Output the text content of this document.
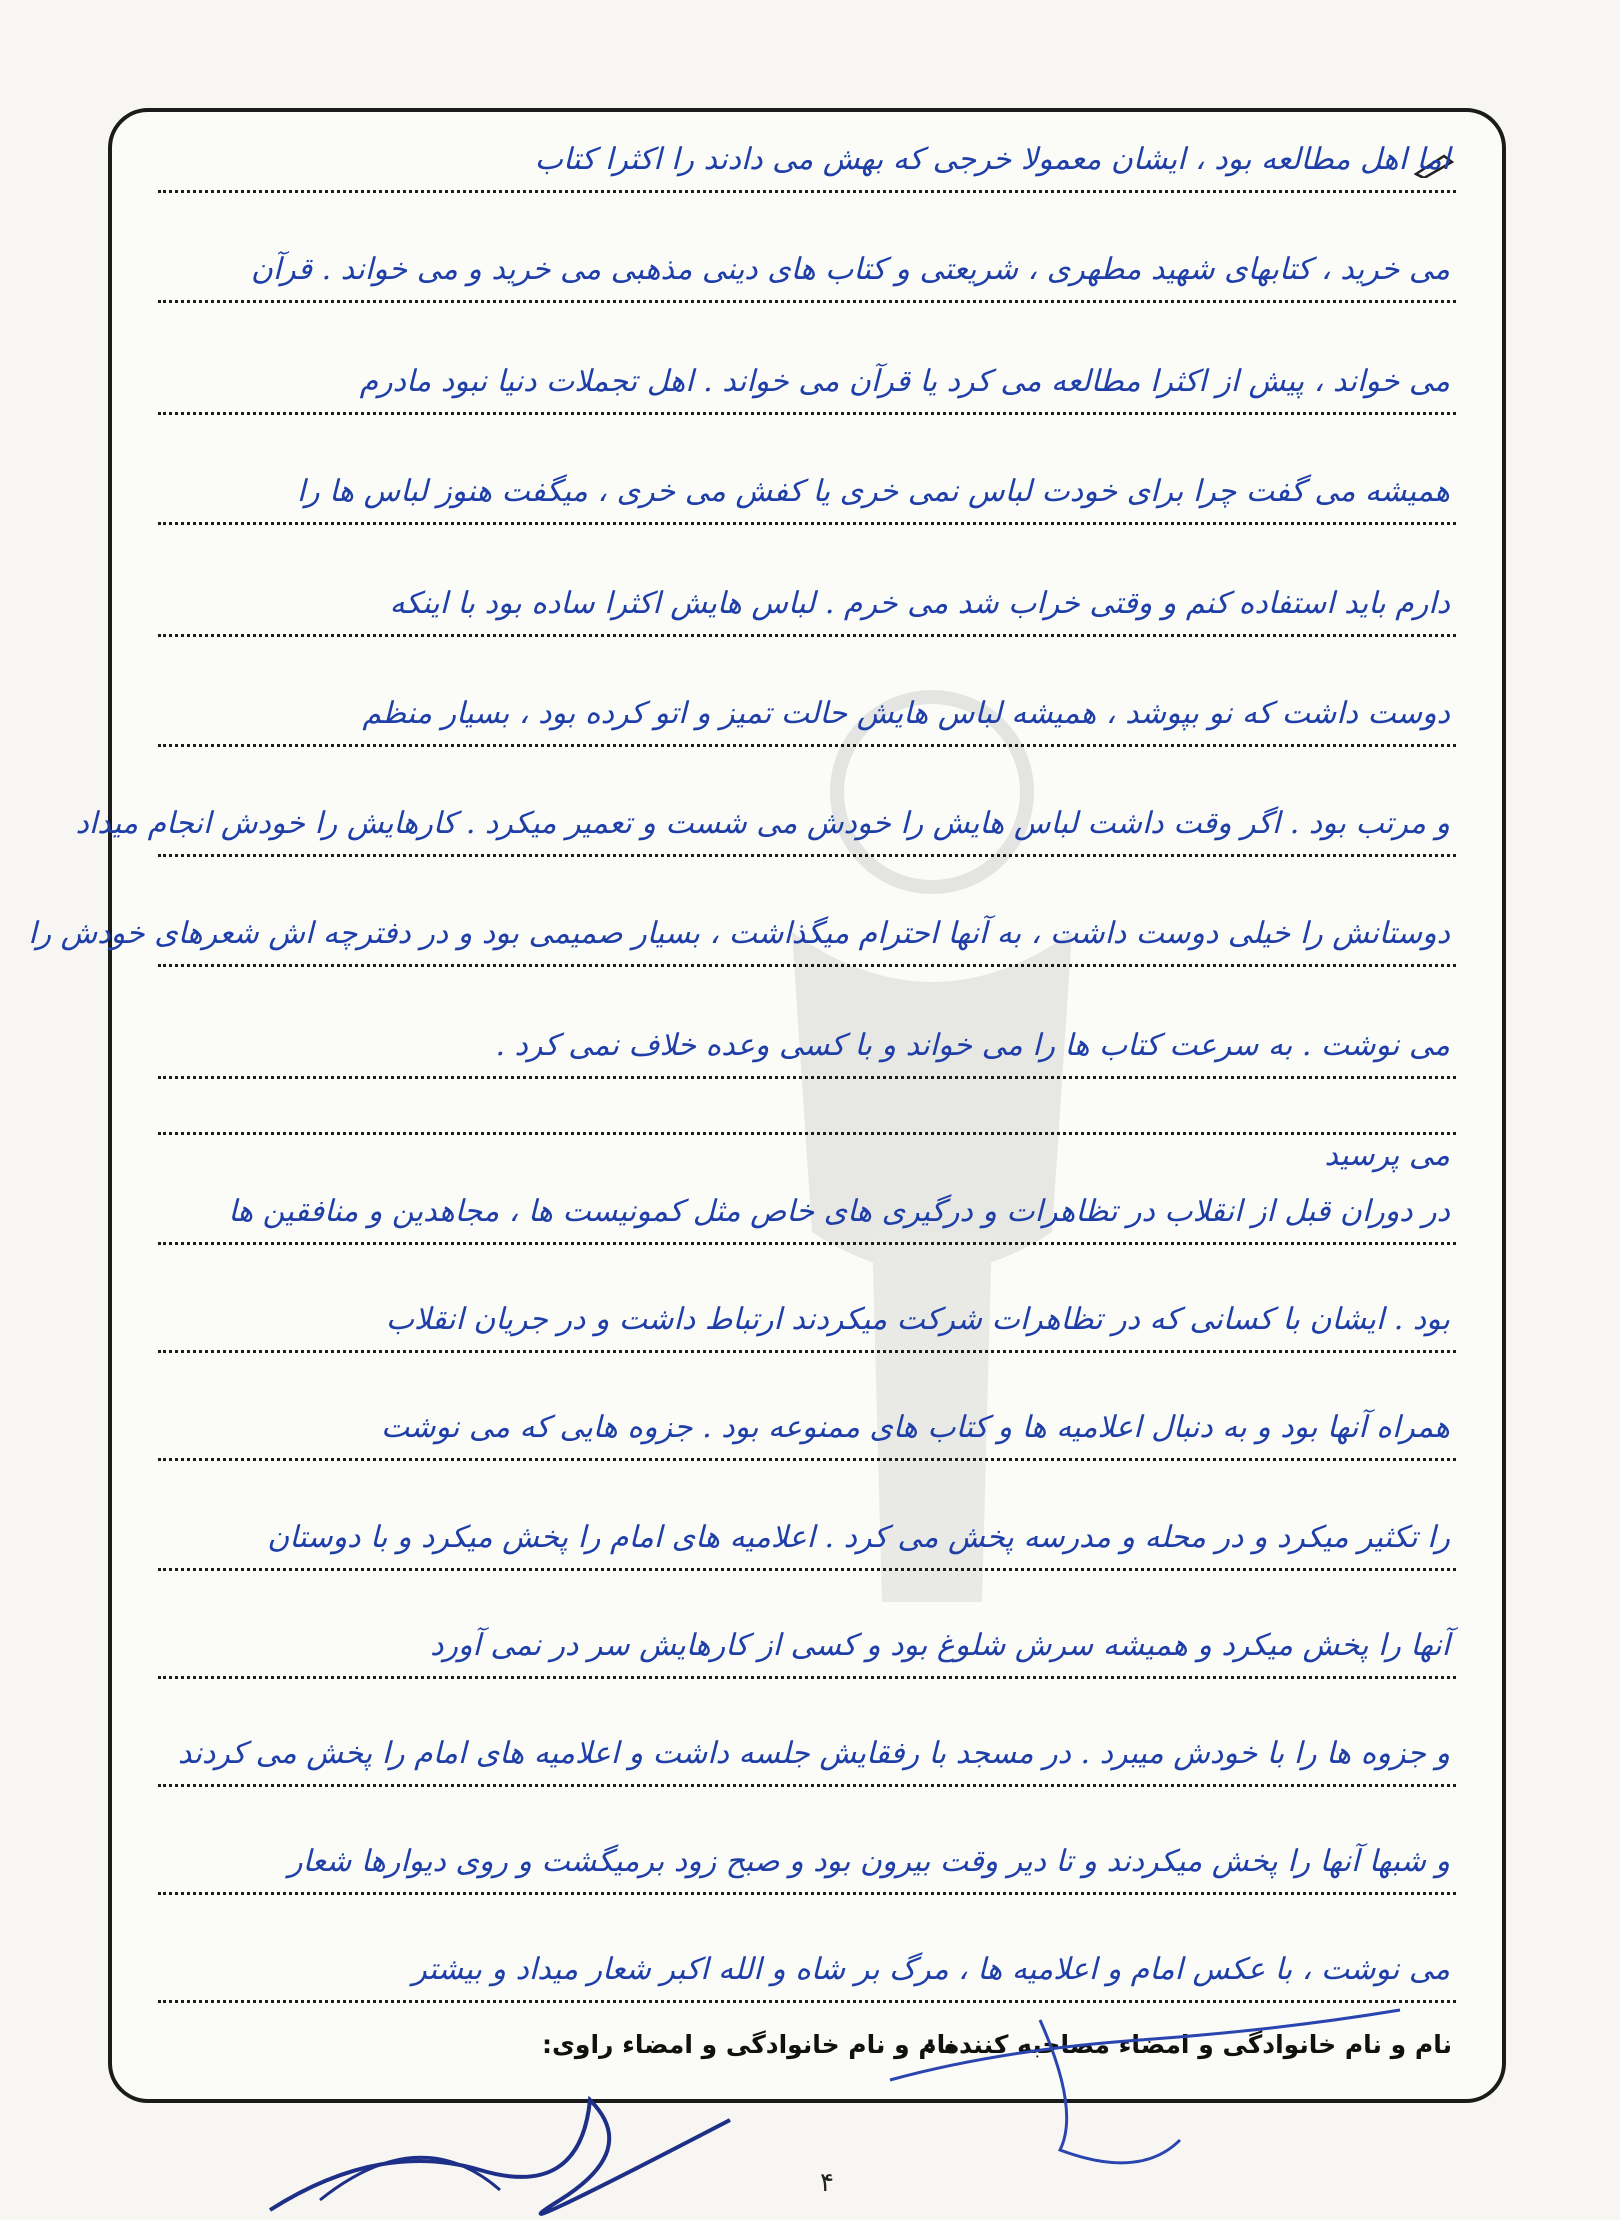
اما اهل مطالعه بود ، ایشان معمولا خرجی که بهش می دادند را اکثرا کتاب
می خرید ، کتابهای شهید مطهری ، شریعتی و کتاب های دینی مذهبی می خرید و می خواند . قرآن
می خواند ، پیش از اکثرا مطالعه می کرد یا قرآن می خواند . اهل تجملات دنیا نبود مادرم
همیشه می گفت چرا برای خودت لباس نمی خری یا کفش می خری ، میگفت هنوز لباس ها را
دارم باید استفاده کنم و وقتی خراب شد می خرم . لباس هایش اکثرا ساده بود با اینکه
دوست داشت که نو بپوشد ، همیشه لباس هایش حالت تمیز و اتو کرده بود ، بسیار منظم
و مرتب بود . اگر وقت داشت لباس هایش را خودش می شست و تعمیر میکرد . کارهایش را خودش انجام میداد
دوستانش را خیلی دوست داشت ، به آنها احترام میگذاشت ، بسیار صمیمی بود و در دفترچه اش شعرهای خودش را
می نوشت . به سرعت کتاب ها را می خواند و با کسی وعده خلاف نمی کرد .
می پرسید
در دوران قبل از انقلاب در تظاهرات و درگیری های خاص مثل کمونیست ها ، مجاهدین و منافقین ها
بود . ایشان با کسانی که در تظاهرات شرکت میکردند ارتباط داشت و در جریان انقلاب
همراه آنها بود و به دنبال اعلامیه ها و کتاب های ممنوعه بود . جزوه هایی که می نوشت
را تکثیر میکرد و در محله و مدرسه پخش می کرد . اعلامیه های امام را پخش میکرد و با دوستان
آنها را پخش میکرد و همیشه سرش شلوغ بود و کسی از کارهایش سر در نمی آورد
و جزوه ها را با خودش میبرد . در مسجد با رفقایش جلسه داشت و اعلامیه های امام را پخش می کردند
و شبها آنها را پخش میکردند و تا دیر وقت بیرون بود و صبح زود برمیگشت و روی دیوارها شعار
می نوشت ، با عکس امام و اعلامیه ها ، مرگ بر شاه و الله اکبر شعار میداد و بیشتر
نام و نام خانوادگی و امضاء مصاحبه کننده :
نام و نام خانوادگی و امضاء راوی:
۴
